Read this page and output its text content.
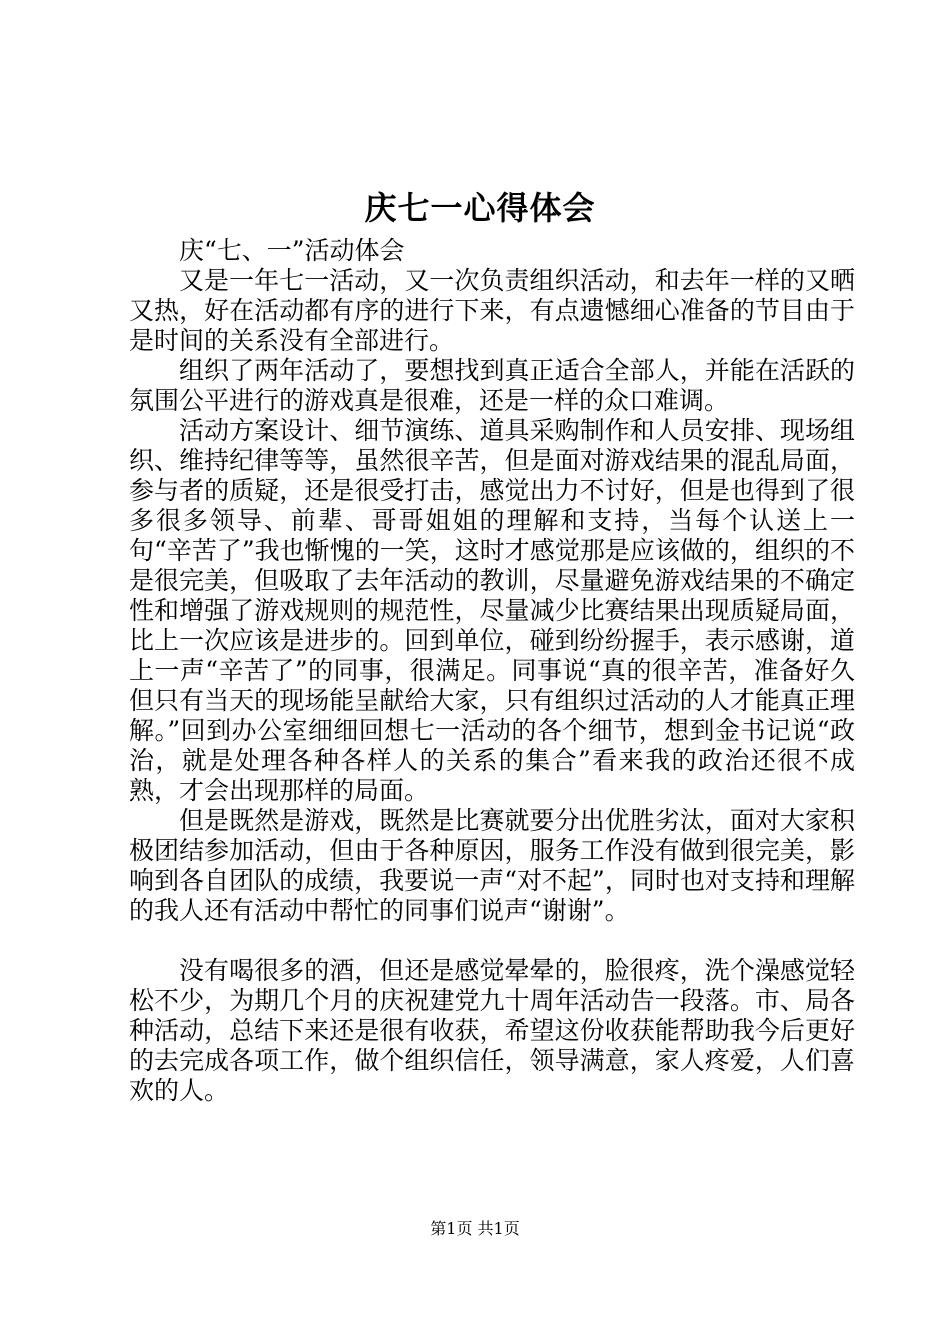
庆七一心得体会

庆“七、一”活动体会

又是一年七一活动，又一次负责组织活动，和去年一样的又晒又热，好在活动都有序的进行下来，有点遗憾细心准备的节目由于是时间的关系没有全部进行。

组织了两年活动了，要想找到真正适合全部人，并能在活跃的氛围公平进行的游戏真是很难，还是一样的众口难调。

活动方案设计、细节演练、道具采购制作和人员安排、现场组织、维持纪律等等，虽然很辛苦，但是面对游戏结果的混乱局面，参与者的质疑，还是很受打击，感觉出力不讨好，但是也得到了很多很多领导、前辈、哥哥姐姐的理解和支持，当每个认送上一句“辛苦了”我也惭愧的一笑，这时才感觉那是应该做的，组织的不是很完美，但吸取了去年活动的教训，尽量避免游戏结果的不确定性和增强了游戏规则的规范性，尽量减少比赛结果出现质疑局面，比上一次应该是进步的。回到单位，碰到纷纷握手，表示感谢，道上一声“辛苦了”的同事，很满足。同事说“真的很辛苦，准备好久但只有当天的现场能呈献给大家，只有组织过活动的人才能真正理解。”回到办公室细细回想七一活动的各个细节，想到金书记说“政治，就是处理各种各样人的关系的集合”看来我的政治还很不成熟，才会出现那样的局面。

但是既然是游戏，既然是比赛就要分出优胜劣汰，面对大家积极团结参加活动，但由于各种原因，服务工作没有做到很完美，影响到各自团队的成绩，我要说一声“对不起”，同时也对支持和理解的我人还有活动中帮忙的同事们说声“谢谢”。

没有喝很多的酒，但还是感觉晕晕的，脸很疼，洗个澡感觉轻松不少，为期几个月的庆祝建党九十周年活动告一段落。市、局各种活动，总结下来还是很有收获，希望这份收获能帮助我今后更好的去完成各项工作，做个组织信任，领导满意，家人疼爱，人们喜欢的人。

第1页 共1页
